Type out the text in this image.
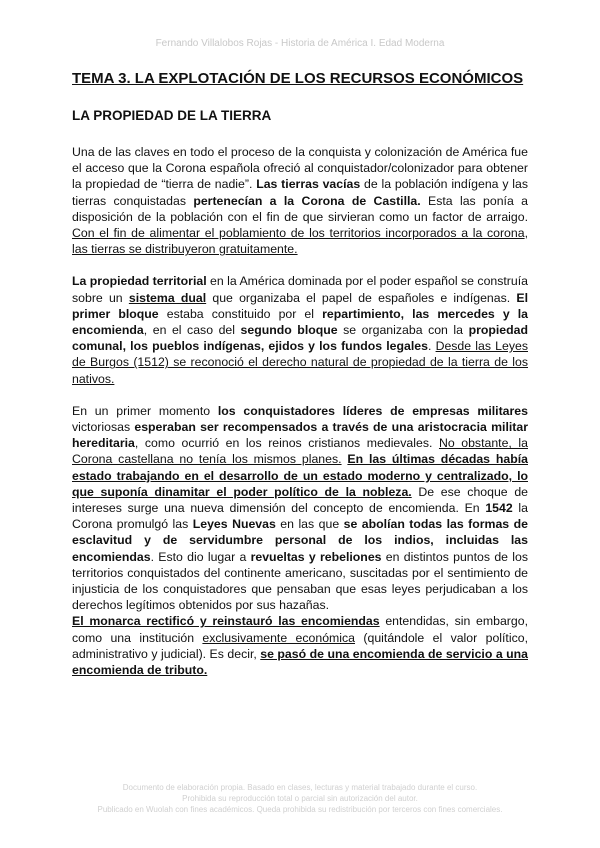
Fernando Villalobos Rojas - Historia de América I. Edad Moderna
TEMA 3. LA EXPLOTACIÓN DE LOS RECURSOS ECONÓMICOS
LA PROPIEDAD DE LA TIERRA

Una de las claves en todo el proceso de la conquista y colonización de América fue el acceso que la Corona española ofreció al conquistador/colonizador para obtener la propiedad de “tierra de nadie”. Las tierras vacías de la población indígena y las tierras conquistadas pertenecían a la Corona de Castilla. Esta las ponía a disposición de la población con el fin de que sirvieran como un factor de arraigo. Con el fin de alimentar el poblamiento de los territorios incorporados a la corona, las tierras se distribuyeron gratuitamente.

La propiedad territorial en la América dominada por el poder español se construía sobre un sistema dual que organizaba el papel de españoles e indígenas. El primer bloque estaba constituido por el repartimiento, las mercedes y la encomienda, en el caso del segundo bloque se organizaba con la propiedad comunal, los pueblos indígenas, ejidos y los fundos legales. Desde las Leyes de Burgos (1512) se reconoció el derecho natural de propiedad de la tierra de los nativos.

En un primer momento los conquistadores líderes de empresas militares victoriosas esperaban ser recompensados a través de una aristocracia militar hereditaria, como ocurrió en los reinos cristianos medievales. No obstante, la Corona castellana no tenía los mismos planes. En las últimas décadas había estado trabajando en el desarrollo de un estado moderno y centralizado, lo que suponía dinamitar el poder político de la nobleza. De ese choque de intereses surge una nueva dimensión del concepto de encomienda. En 1542 la Corona promulgó las Leyes Nuevas en las que se abolían todas las formas de esclavitud y de servidumbre personal de los indios, incluidas las encomiendas. Esto dio lugar a revueltas y rebeliones en distintos puntos de los territorios conquistados del continente americano, suscitadas por el sentimiento de injusticia de los conquistadores que pensaban que esas leyes perjudicaban a los derechos legítimos obtenidos por sus hazañas.

El monarca rectificó y reinstauró las encomiendas entendidas, sin embargo, como una institución exclusivamente económica (quitándole el valor político, administrativo y judicial). Es decir, se pasó de una encomienda de servicio a una encomienda de tributo.

Documento de elaboración propia. Basado en clases, lecturas y material trabajado durante el curso.
Prohibida su reproducción total o parcial sin autorización del autor.
Publicado en Wuolah con fines académicos. Queda prohibida su redistribución por terceros con fines comerciales.
